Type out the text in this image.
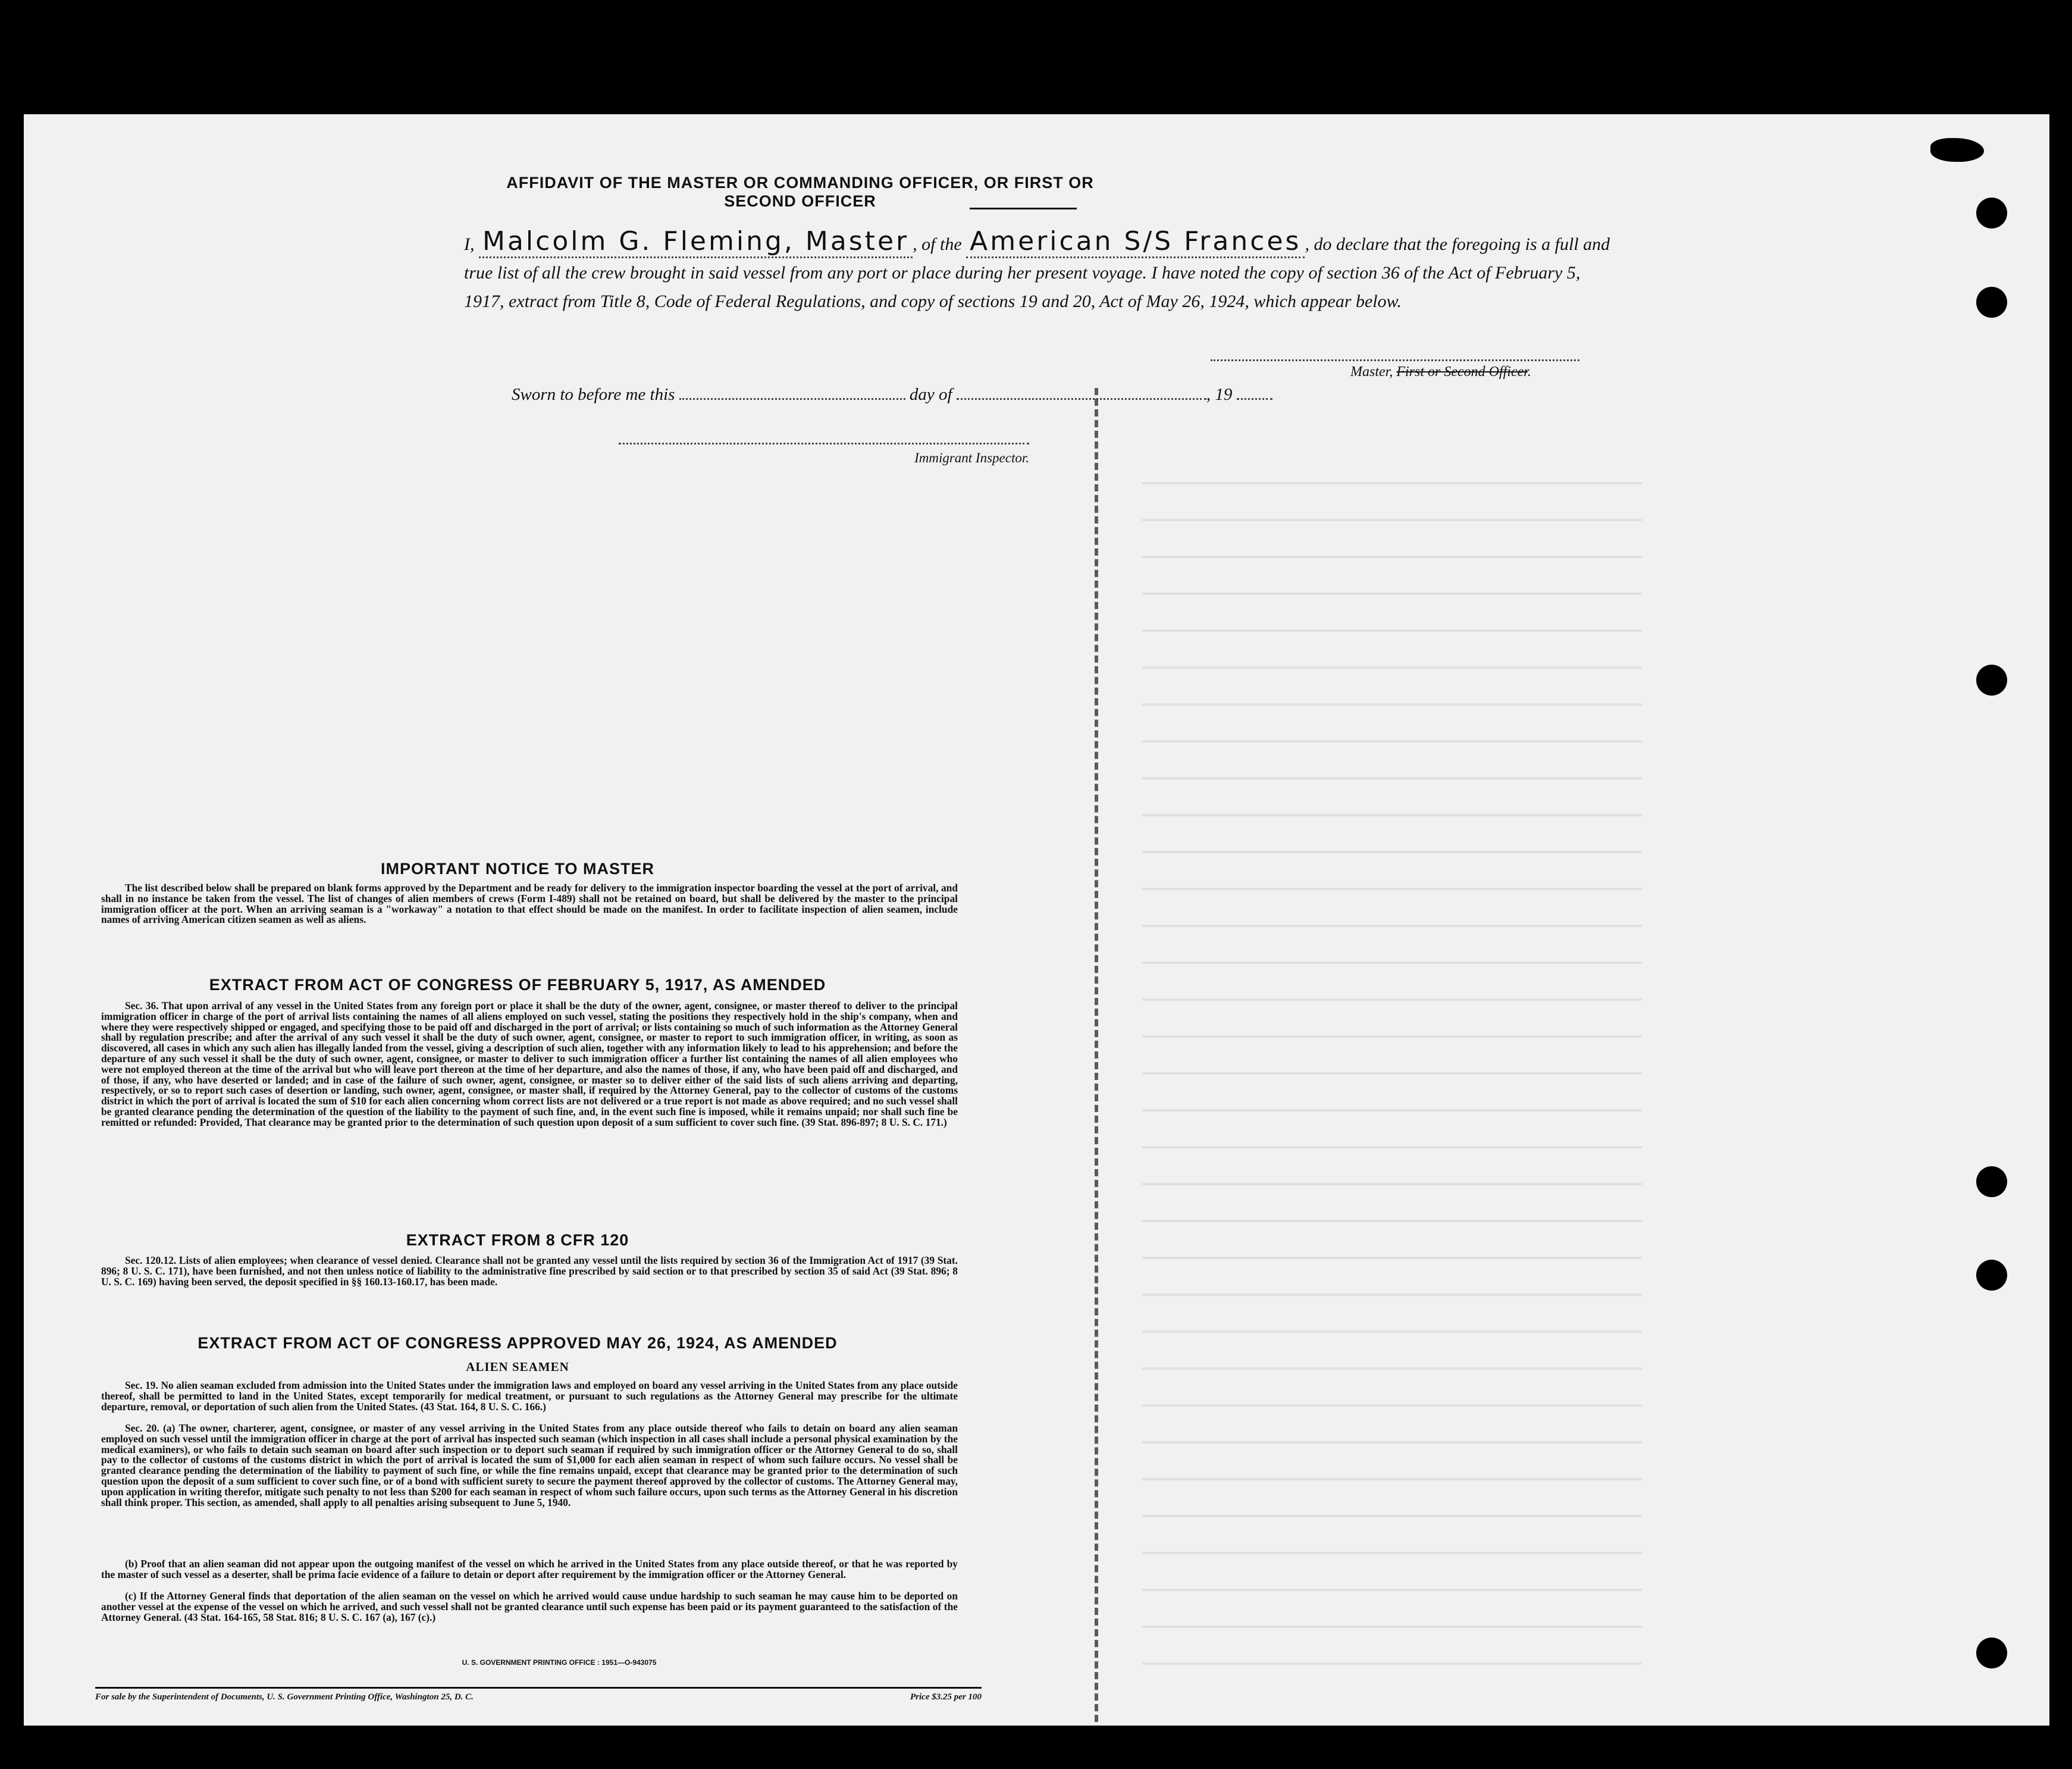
AFFIDAVIT OF THE MASTER OR COMMANDING OFFICER, OR FIRST OR SECOND OFFICER
I, Malcolm G. Fleming, Master , of the American S/S Frances , do declare that the foregoing is a full and true list of all the crew brought in said vessel from any port or place during her present voyage. I have noted the copy of section 36 of the Act of February 5, 1917, extract from Title 8, Code of Federal Regulations, and copy of sections 19 and 20, Act of May 26, 1924, which appear below.
Master, First or Second Officer.
Sworn to before me this	day of	, 19
Immigrant Inspector.
IMPORTANT NOTICE TO MASTER
The list described below shall be prepared on blank forms approved by the Department and be ready for delivery to the immigration inspector boarding the vessel at the port of arrival, and shall in no instance be taken from the vessel. The list of changes of alien members of crews (Form I-489) shall not be retained on board, but shall be delivered by the master to the principal immigration officer at the port. When an arriving seaman is a "workaway" a notation to that effect should be made on the manifest. In order to facilitate inspection of alien seamen, include names of arriving American citizen seamen as well as aliens.
EXTRACT FROM ACT OF CONGRESS OF FEBRUARY 5, 1917, AS AMENDED
Sec. 36. That upon arrival of any vessel in the United States from any foreign port or place it shall be the duty of the owner, agent, consignee, or master thereof to deliver to the principal immigration officer in charge of the port of arrival lists containing the names of all aliens employed on such vessel, stating the positions they respectively hold in the ship's company, when and where they were respectively shipped or engaged, and specifying those to be paid off and discharged in the port of arrival; or lists containing so much of such information as the Attorney General shall by regulation prescribe; and after the arrival of any such vessel it shall be the duty of such owner, agent, consignee, or master to report to such immigration officer, in writing, as soon as discovered, all cases in which any such alien has illegally landed from the vessel, giving a description of such alien, together with any information likely to lead to his apprehension; and before the departure of any such vessel it shall be the duty of such owner, agent, consignee, or master to deliver to such immigration officer a further list containing the names of all alien employees who were not employed thereon at the time of the arrival but who will leave port thereon at the time of her departure, and also the names of those, if any, who have been paid off and discharged, and of those, if any, who have deserted or landed; and in case of the failure of such owner, agent, consignee, or master so to deliver either of the said lists of such aliens arriving and departing, respectively, or so to report such cases of desertion or landing, such owner, agent, consignee, or master shall, if required by the Attorney General, pay to the collector of customs of the customs district in which the port of arrival is located the sum of $10 for each alien concerning whom correct lists are not delivered or a true report is not made as above required; and no such vessel shall be granted clearance pending the determination of the question of the liability to the payment of such fine, and, in the event such fine is imposed, while it remains unpaid; nor shall such fine be remitted or refunded: Provided, That clearance may be granted prior to the determination of such question upon deposit of a sum sufficient to cover such fine. (39 Stat. 896-897; 8 U. S. C. 171.)
EXTRACT FROM 8 CFR 120
Sec. 120.12. Lists of alien employees; when clearance of vessel denied. Clearance shall not be granted any vessel until the lists required by section 36 of the Immigration Act of 1917 (39 Stat. 896; 8 U. S. C. 171), have been furnished, and not then unless notice of liability to the administrative fine prescribed by said section or to that prescribed by section 35 of said Act (39 Stat. 896; 8 U. S. C. 169) having been served, the deposit specified in §§ 160.13-160.17, has been made.
EXTRACT FROM ACT OF CONGRESS APPROVED MAY 26, 1924, AS AMENDED
ALIEN SEAMEN
Sec. 19. No alien seaman excluded from admission into the United States under the immigration laws and employed on board any vessel arriving in the United States from any place outside thereof, shall be permitted to land in the United States, except temporarily for medical treatment, or pursuant to such regulations as the Attorney General may prescribe for the ultimate departure, removal, or deportation of such alien from the United States. (43 Stat. 164, 8 U. S. C. 166.)
Sec. 20. (a) The owner, charterer, agent, consignee, or master of any vessel arriving in the United States from any place outside thereof who fails to detain on board any alien seaman employed on such vessel until the immigration officer in charge at the port of arrival has inspected such seaman (which inspection in all cases shall include a personal physical examination by the medical examiners), or who fails to detain such seaman on board after such inspection or to deport such seaman if required by such immigration officer or the Attorney General to do so, shall pay to the collector of customs of the customs district in which the port of arrival is located the sum of $1,000 for each alien seaman in respect of whom such failure occurs. No vessel shall be granted clearance pending the determination of the liability to payment of such fine, or while the fine remains unpaid, except that clearance may be granted prior to the determination of such question upon the deposit of a sum sufficient to cover such fine, or of a bond with sufficient surety to secure the payment thereof approved by the collector of customs. The Attorney General may, upon application in writing therefor, mitigate such penalty to not less than $200 for each seaman in respect of whom such failure occurs, upon such terms as the Attorney General in his discretion shall think proper. This section, as amended, shall apply to all penalties arising subsequent to June 5, 1940.
(b) Proof that an alien seaman did not appear upon the outgoing manifest of the vessel on which he arrived in the United States from any place outside thereof, or that he was reported by the master of such vessel as a deserter, shall be prima facie evidence of a failure to detain or deport after requirement by the immigration officer or the Attorney General.
(c) If the Attorney General finds that deportation of the alien seaman on the vessel on which he arrived would cause undue hardship to such seaman he may cause him to be deported on another vessel at the expense of the vessel on which he arrived, and such vessel shall not be granted clearance until such expense has been paid or its payment guaranteed to the satisfaction of the Attorney General. (43 Stat. 164-165, 58 Stat. 816; 8 U. S. C. 167 (a), 167 (c).)
U. S. GOVERNMENT PRINTING OFFICE : 1951—O-943075
For sale by the Superintendent of Documents, U. S. Government Printing Office, Washington 25, D. C.	Price $3.25 per 100
